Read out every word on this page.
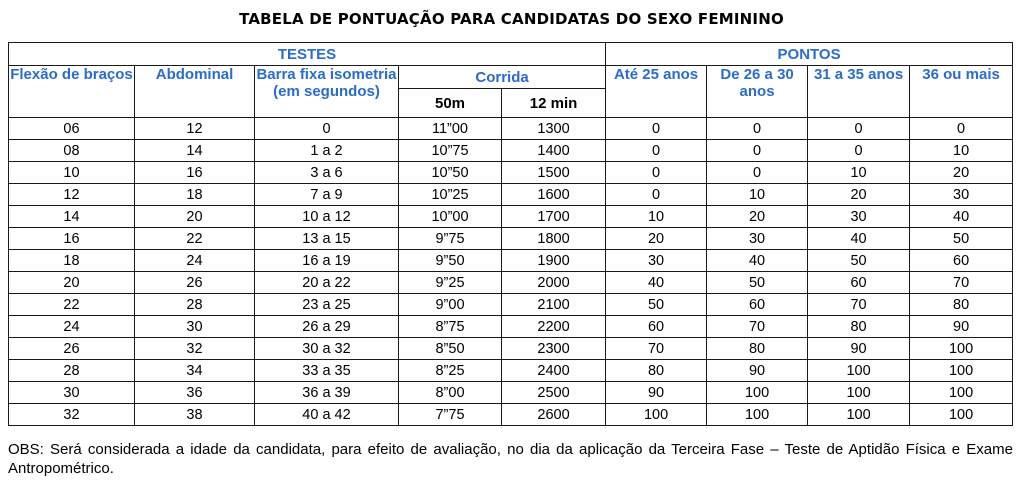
TABELA DE PONTUAÇÃO PARA CANDIDATAS DO SEXO FEMININO
TESTES					PONTOS			
Flexão de braços	Abdominal	Barra fixa isometria (em segundos)	Corrida		Até 25 anos	De 26 a 30 anos	31 a 35 anos	36 ou mais
			50m	12 min				
06	12	0	11”00	1300	0	0	0	0
08	14	1 a 2	10”75	1400	0	0	0	10
10	16	3 a 6	10”50	1500	0	0	10	20
12	18	7 a 9	10”25	1600	0	10	20	30
14	20	10 a 12	10”00	1700	10	20	30	40
16	22	13 a 15	9”75	1800	20	30	40	50
18	24	16 a 19	9”50	1900	30	40	50	60
20	26	20 a 22	9”25	2000	40	50	60	70
22	28	23 a 25	9”00	2100	50	60	70	80
24	30	26 a 29	8”75	2200	60	70	80	90
26	32	30 a 32	8”50	2300	70	80	90	100
28	34	33 a 35	8”25	2400	80	90	100	100
30	36	36 a 39	8”00	2500	90	100	100	100
32	38	40 a 42	7”75	2600	100	100	100	100
OBS: Será considerada a idade da candidata, para efeito de avaliação, no dia da aplicação da Terceira Fase – Teste de Aptidão Física e Exame Antropométrico.
